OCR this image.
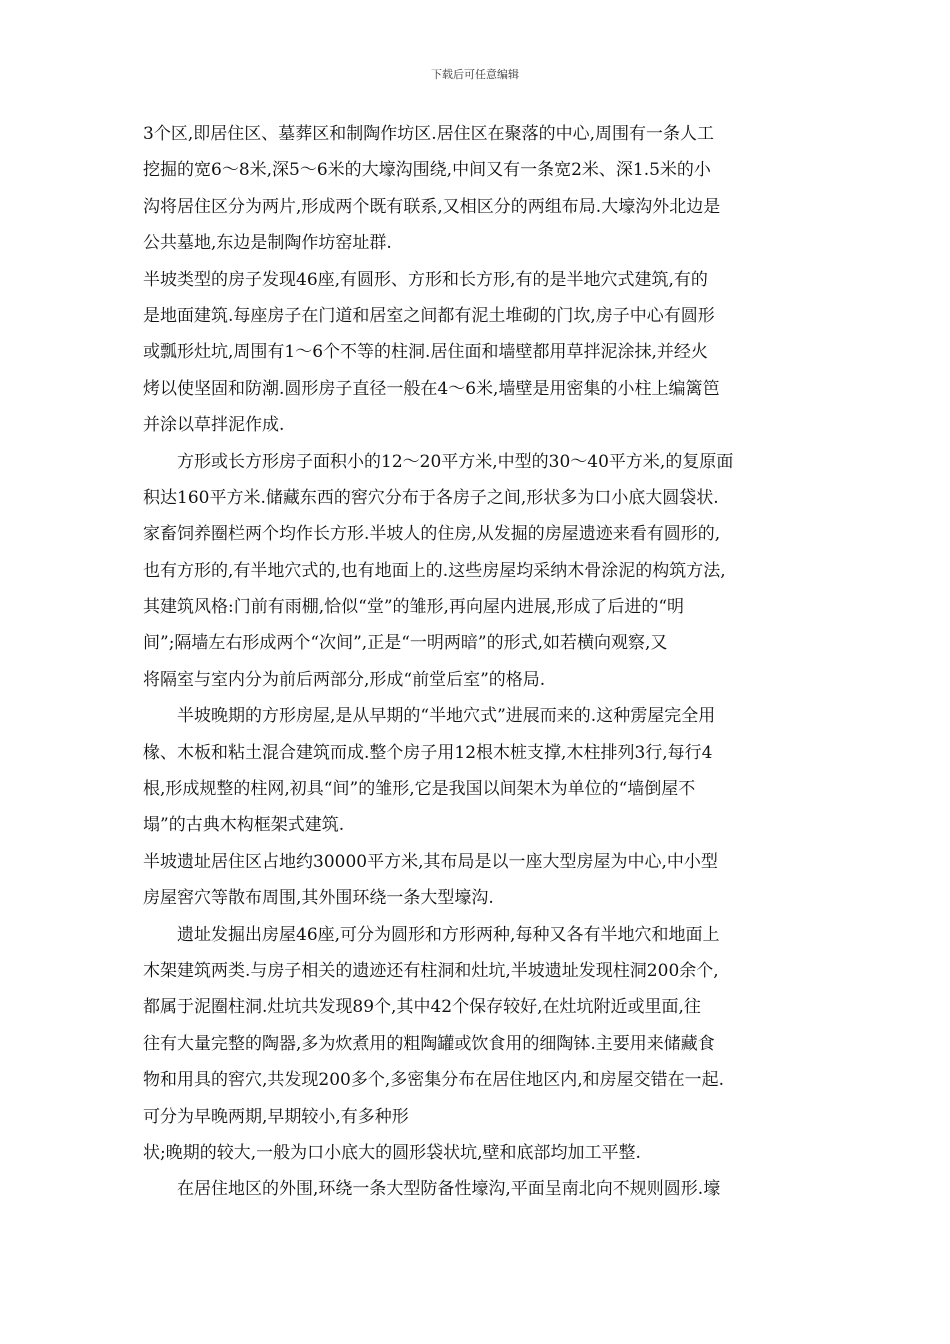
下载后可任意编辑
3个区,即居住区、墓葬区和制陶作坊区.居住区在聚落的中心,周围有一条人工
挖掘的宽6～8米,深5～6米的大壕沟围绕,中间又有一条宽2米、深1.5米的小
沟将居住区分为两片,形成两个既有联系,又相区分的两组布局.大壕沟外北边是
公共墓地,东边是制陶作坊窑址群.
半坡类型的房子发现46座,有圆形、方形和长方形,有的是半地穴式建筑,有的
是地面建筑.每座房子在门道和居室之间都有泥土堆砌的门坎,房子中心有圆形
或瓢形灶坑,周围有1～6个不等的柱洞.居住面和墙壁都用草拌泥涂抹,并经火
烤以使坚固和防潮.圆形房子直径一般在4～6米,墙壁是用密集的小柱上编篱笆
并涂以草拌泥作成.
方形或长方形房子面积小的12～20平方米,中型的30～40平方米,的复原面
积达160平方米.储藏东西的窖穴分布于各房子之间,形状多为口小底大圆袋状.
家畜饲养圈栏两个均作长方形.半坡人的住房,从发掘的房屋遗迹来看有圆形的,
也有方形的,有半地穴式的,也有地面上的.这些房屋均采纳木骨涂泥的构筑方法,
其建筑风格:门前有雨棚,恰似“堂”的雏形,再向屋内进展,形成了后进的“明
间”;隔墙左右形成两个“次间”,正是“一明两暗”的形式,如若横向观察,又
将隔室与室内分为前后两部分,形成“前堂后室”的格局.
半坡晚期的方形房屋,是从早期的“半地穴式”进展而来的.这种雳屋完全用
椽、木板和粘土混合建筑而成.整个房子用12根木桩支撑,木柱排列3行,每行4
根,形成规整的柱网,初具“间”的雏形,它是我国以间架木为单位的“墙倒屋不
塌”的古典木构框架式建筑.
半坡遗址居住区占地约30000平方米,其布局是以一座大型房屋为中心,中小型
房屋窖穴等散布周围,其外围环绕一条大型壕沟.
遗址发掘出房屋46座,可分为圆形和方形两种,每种又各有半地穴和地面上
木架建筑两类.与房子相关的遗迹还有柱洞和灶坑,半坡遗址发现柱洞200余个,
都属于泥圈柱洞.灶坑共发现89个,其中42个保存较好,在灶坑附近或里面,往
往有大量完整的陶器,多为炊煮用的粗陶罐或饮食用的细陶钵.主要用来储藏食
物和用具的窖穴,共发现200多个,多密集分布在居住地区内,和房屋交错在一起.
可分为早晚两期,早期较小,有多种形
状;晚期的较大,一般为口小底大的圆形袋状坑,壁和底部均加工平整.
在居住地区的外围,环绕一条大型防备性壕沟,平面呈南北向不规则圆形.壕
